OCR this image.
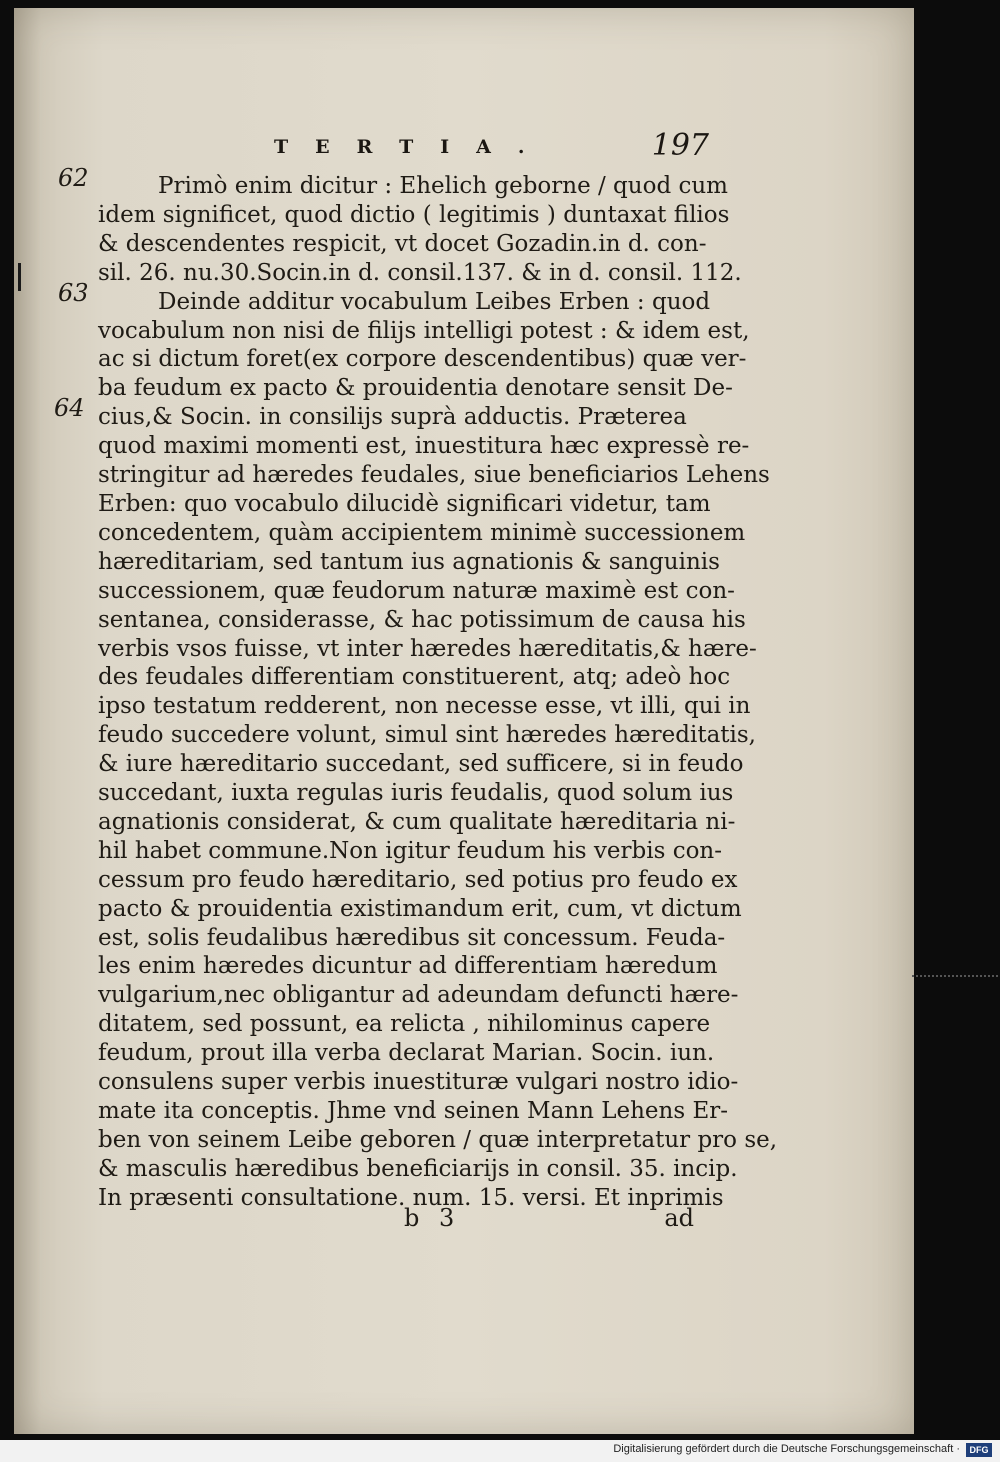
TERTIA.	197
62
63
64
Primò enim dicitur : Ehelich geborne / quod cum
idem significet, quod dictio ( legitimis ) duntaxat filios
& descendentes respicit, vt docet Gozadin.in d. con-
sil. 26. nu.30.Socin.in d. consil.137. & in d. consil. 112.
Deinde additur vocabulum Leibes Erben : quod
vocabulum non nisi de filijs intelligi potest : & idem est,
ac si dictum foret(ex corpore descendentibus) quæ ver-
ba feudum ex pacto & prouidentia denotare sensit De-
cius,& Socin. in consilijs suprà adductis. Præterea
quod maximi momenti est, inuestitura hæc expressè re-
stringitur ad hæredes feudales, siue beneficiarios Lehens
Erben: quo vocabulo dilucidè significari videtur, tam
concedentem, quàm accipientem minimè successionem
hæreditariam, sed tantum ius agnationis & sanguinis
successionem, quæ feudorum naturæ maximè est con-
sentanea, considerasse, & hac potissimum de causa his
verbis vsos fuisse, vt inter hæredes hæreditatis,& hære-
des feudales differentiam constituerent, atq; adeò hoc
ipso testatum redderent, non necesse esse, vt illi, qui in
feudo succedere volunt, simul sint hæredes hæreditatis,
& iure hæreditario succedant, sed sufficere, si in feudo
succedant, iuxta regulas iuris feudalis, quod solum ius
agnationis considerat, & cum qualitate hæreditaria ni-
hil habet commune.Non igitur feudum his verbis con-
cessum pro feudo hæreditario, sed potius pro feudo ex
pacto & prouidentia existimandum erit, cum, vt dictum
est, solis feudalibus hæredibus sit concessum. Feuda-
les enim hæredes dicuntur ad differentiam hæredum
vulgarium,nec obligantur ad adeundam defuncti hære-
ditatem, sed possunt, ea relicta , nihilominus capere
feudum, prout illa verba declarat Marian. Socin. iun.
consulens super verbis inuestituræ vulgari nostro idio-
mate ita conceptis. Jhme vnd seinen Mann Lehens Er-
ben von seinem Leibe geboren / quæ interpretatur pro se,
& masculis hæredibus beneficiarijs in consil. 35. incip.
In præsenti consultatione. num. 15. versi. Et inprimis
b 3	ad
Digitalisierung gefördert durch die Deutsche Forschungsgemeinschaft ·	DFG
